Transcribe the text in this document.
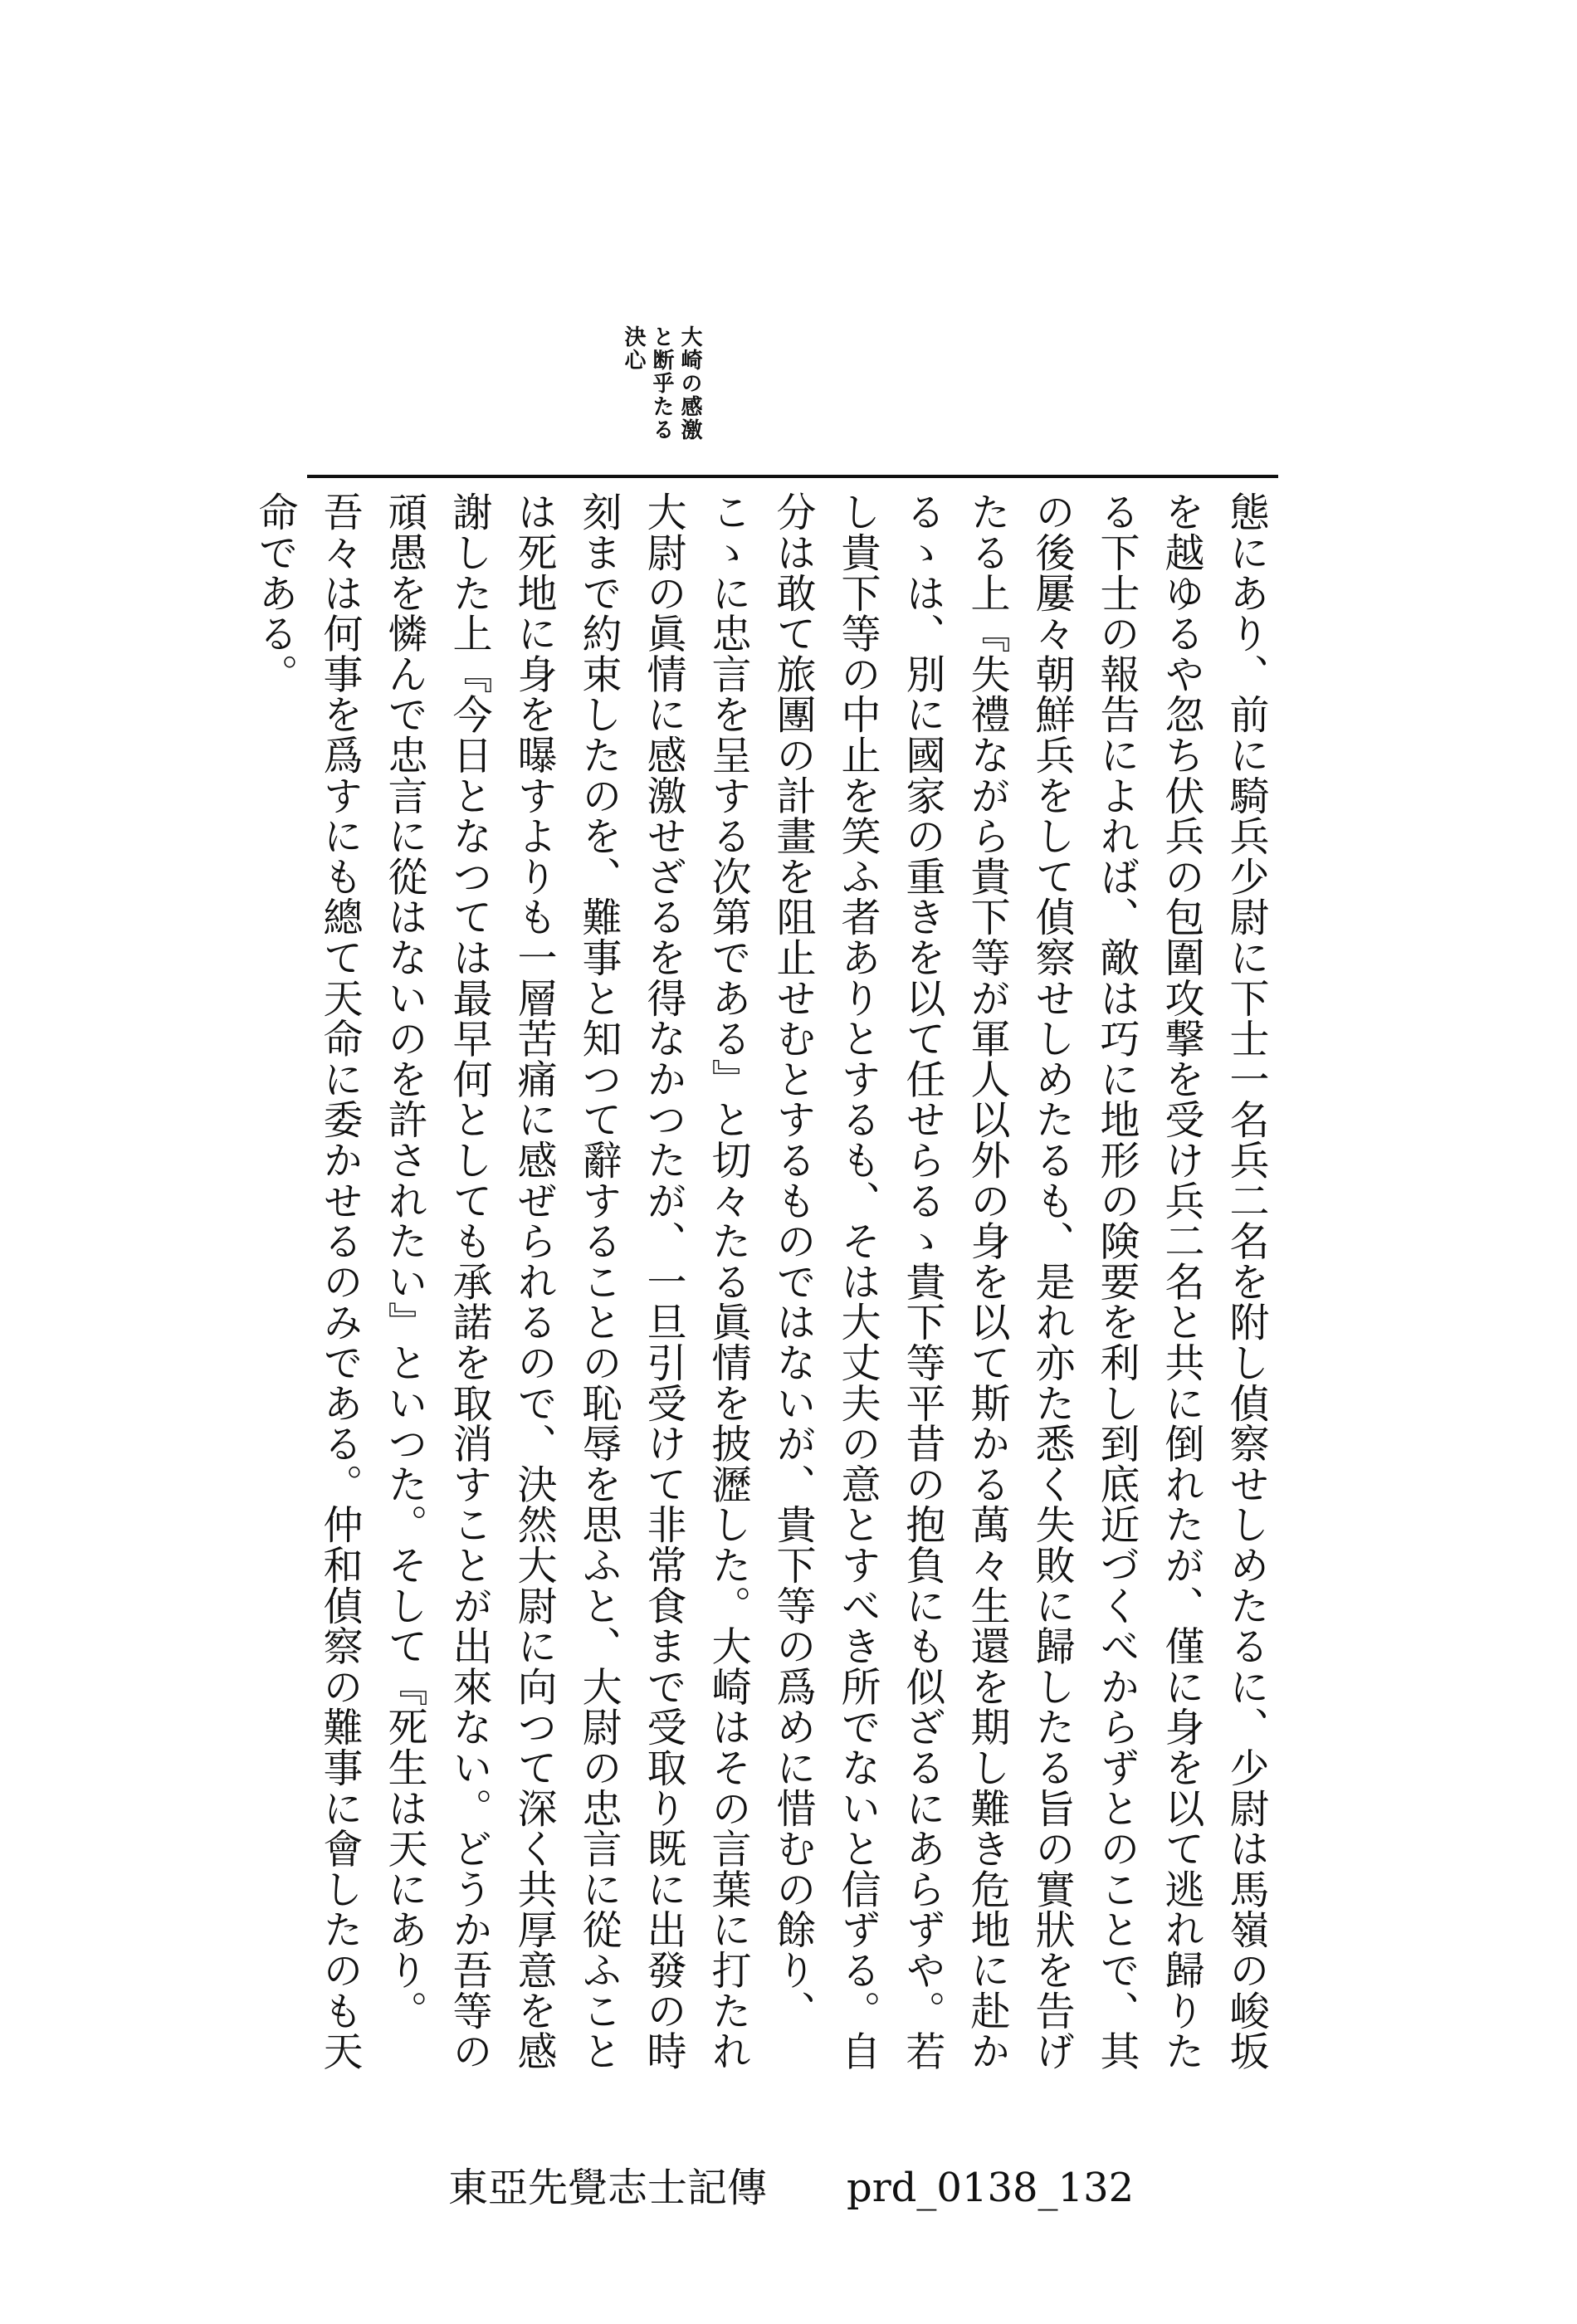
大崎の感激と断乎たる決心
態にあり、前に騎兵少尉に下士一名兵二名を附し偵察せしめたるに、少尉は馬嶺の峻坂を越ゆるや忽ち伏兵の包圍攻撃を受け兵二名と共に倒れたが、僅に身を以て逃れ歸りたる下士の報告によれば、敵は巧に地形の険要を利し到底近づくべからずとのことで、其の後屢々朝鮮兵をして偵察せしめたるも、是れ亦た悉く失敗に歸したる旨の實狀を告げたる上『失禮ながら貴下等が軍人以外の身を以て斯かる萬々生還を期し難き危地に赴かるゝは、別に國家の重きを以て任せらるゝ貴下等平昔の抱負にも似ざるにあらずや。若し貴下等の中止を笑ふ者ありとするも、そは大丈夫の意とすべき所でないと信ずる。自分は敢て旅團の計畫を阻止せむとするものではないが、貴下等の爲めに惜むの餘り、こゝに忠言を呈する次第である』と切々たる眞情を披瀝した。大崎はその言葉に打たれ大尉の眞情に感激せざるを得なかつたが、一旦引受けて非常食まで受取り既に出發の時刻まで約束したのを、難事と知つて辭することの恥辱を思ふと、大尉の忠言に從ふことは死地に身を曝すよりも一層苦痛に感ぜられるので、決然大尉に向つて深く共厚意を感謝した上『今日となつては最早何としても承諾を取消すことが出來ない。どうか吾等の頑愚を憐んで忠言に從はないのを許されたい』といつた。そして『死生は天にあり。吾々は何事を爲すにも總て天命に委かせるのみである。仲和偵察の難事に會したのも天命である。
東亞先覺志士記傳　　prd_0138_132
